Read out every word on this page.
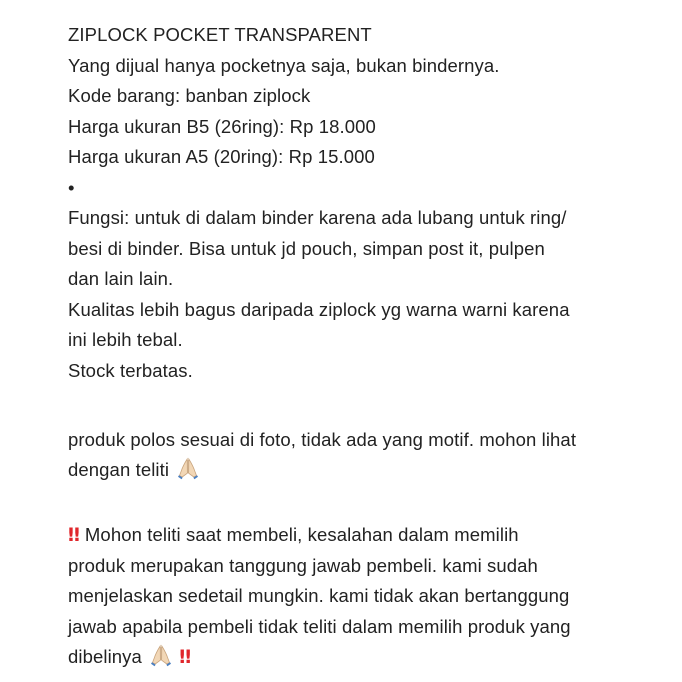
ZIPLOCK POCKET TRANSPARENT
Yang dijual hanya pocketnya saja, bukan bindernya.
Kode barang: banban ziplock
Harga ukuran B5 (26ring): Rp 18.000
Harga ukuran A5 (20ring): Rp 15.000
•
Fungsi: untuk di dalam binder karena ada lubang untuk ring/
besi di binder. Bisa untuk jd pouch, simpan post it, pulpen
dan lain lain.
Kualitas lebih bagus daripada ziplock yg warna warni karena
ini lebih tebal.
Stock terbatas.
produk polos sesuai di foto, tidak ada yang motif. mohon lihat
dengan teliti
‼ Mohon teliti saat membeli, kesalahan dalam memilih
produk merupakan tanggung jawab pembeli. kami sudah
menjelaskan sedetail mungkin. kami tidak akan bertanggung
jawab apabila pembeli tidak teliti dalam memilih produk yang
dibelinya ‼
